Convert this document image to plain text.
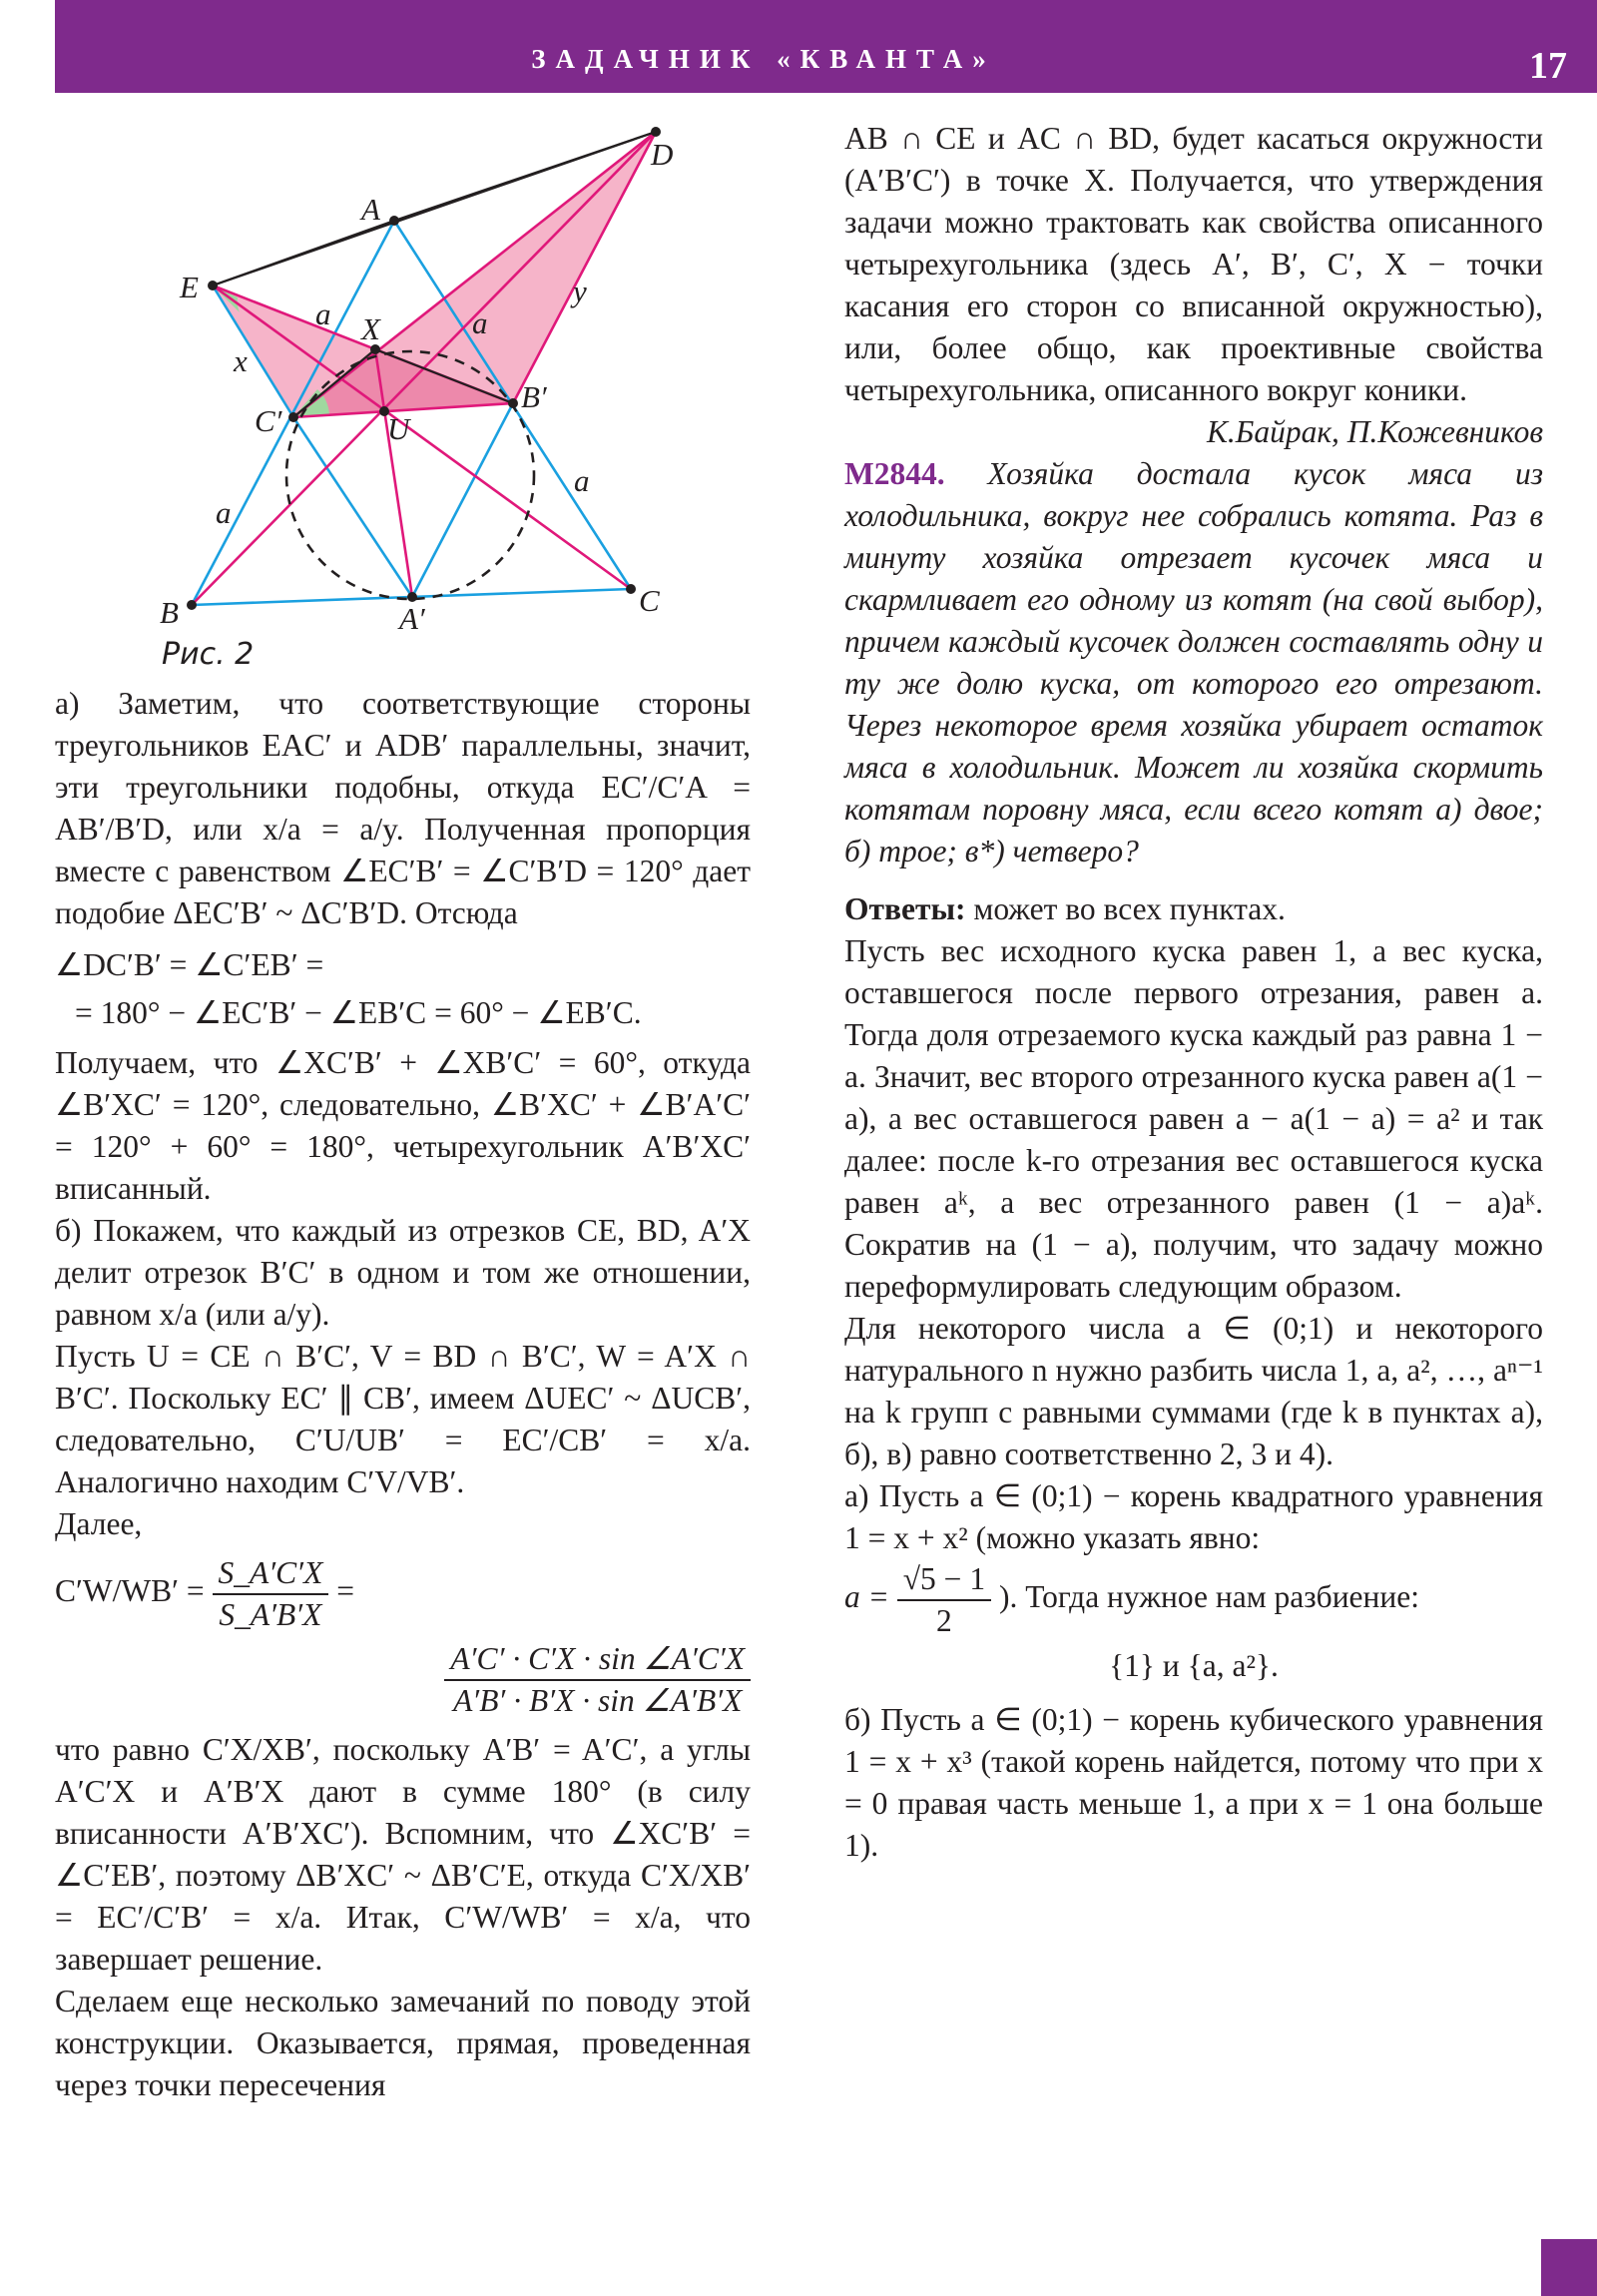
ЗАДАЧНИК «КВАНТА»	17
A
B	C
D
E
X
U
A′
B′
C′
a	a
a
a
x
y
Рис. 2

а) Заметим, что соответствующие стороны треугольников EAC′ и ADB′ параллельны, значит, эти треугольники подобны, откуда EC′/C′A = AB′/B′D, или x/a = a/y. Полученная пропорция вместе с равенством ∠EC′B′ = ∠C′B′D = 120° дает подобие ΔEC′B′ ~ ΔC′B′D. Отсюда

∠DC′B′ = ∠C′EB′ =

= 180° − ∠EC′B′ − ∠EB′C = 60° − ∠EB′C.

Получаем, что ∠XC′B′ + ∠XB′C′ = 60°, откуда ∠B′XC′ = 120°, следовательно, ∠B′XC′ + ∠B′A′C′ = 120° + 60° = 180°, четырехугольник A′B′XC′ вписанный.

б) Покажем, что каждый из отрезков CE, BD, A′X делит отрезок B′C′ в одном и том же отношении, равном x/a (или a/y).

Пусть U = CE ∩ B′C′, V = BD ∩ B′C′, W = A′X ∩ B′C′. Поскольку EC′ ∥ CB′, имеем ΔUEC′ ~ ΔUCB′, следовательно, C′U/UB′ = EC′/CB′ = x/a. Аналогично находим C′V/VB′.

Далее,

$C'W/WB' = \frac{S\_A'C'X}{S\_A'B'X}$ =
$\frac{A'C' \cdot C'X \cdot \sin \angle A'C'X}{A'B' \cdot B'X \cdot \sin \angle A'B'X}$

что равно C′X/XB′, поскольку A′B′ = A′C′, а углы A′C′X и A′B′X дают в сумме 180° (в силу вписанности A′B′XC′). Вспомним, что ∠XC′B′ = ∠C′EB′, поэтому ΔB′XC′ ~ ΔB′C′E, откуда C′X/XB′ = EC′/C′B′ = x/a. Итак, C′W/WB′ = x/a, что завершает решение.

Сделаем еще несколько замечаний по поводу этой конструкции. Оказывается, прямая, проведенная через точки пересечения

AB ∩ CE и AC ∩ BD, будет касаться окружности (A′B′C′) в точке X. Получается, что утверждения задачи можно трактовать как свойства описанного четырехугольника (здесь A′, B′, C′, X − точки касания его сторон со вписанной окружностью), или, более общо, как проективные свойства четырехугольника, описанного вокруг коники.

К.Байрак, П.Кожевников

М2844. Хозяйка достала кусок мяса из холодильника, вокруг нее собрались котята. Раз в минуту хозяйка отрезает кусочек мяса и скармливает его одному из котят (на свой выбор), причем каждый кусочек должен составлять одну и ту же долю куска, от которого его отрезают. Через некоторое время хозяйка убирает остаток мяса в холодильник. Может ли хозяйка скормить котятам поровну мяса, если всего котят а) двое; б) трое; в*) четверо?

Ответы: может во всех пунктах.

Пусть вес исходного куска равен 1, а вес куска, оставшегося после первого отрезания, равен a. Тогда доля отрезаемого куска каждый раз равна 1 − a. Значит, вес второго отрезанного куска равен a(1 − a), а вес оставшегося равен a − a(1 − a) = a² и так далее: после k-го отрезания вес оставшегося куска равен aᵏ, а вес отрезанного равен (1 − a)aᵏ. Сократив на (1 − a), получим, что задачу можно переформулировать следующим образом.

Для некоторого числа a ∈ (0;1) и некоторого натурального n нужно разбить числа 1, a, a², …, aⁿ⁻¹ на k групп с равными суммами (где k в пунктах а), б), в) равно соответственно 2, 3 и 4).

а) Пусть a ∈ (0;1) − корень квадратного уравнения 1 = x + x² (можно указать явно:

$a = \frac{√5 - 1}{2}$ ). Тогда нужное нам разбиение:

{1} и {a, a²}.

б) Пусть a ∈ (0;1) − корень кубического уравнения 1 = x + x³ (такой корень найдется, потому что при x = 0 правая часть меньше 1, а при x = 1 она больше 1).
